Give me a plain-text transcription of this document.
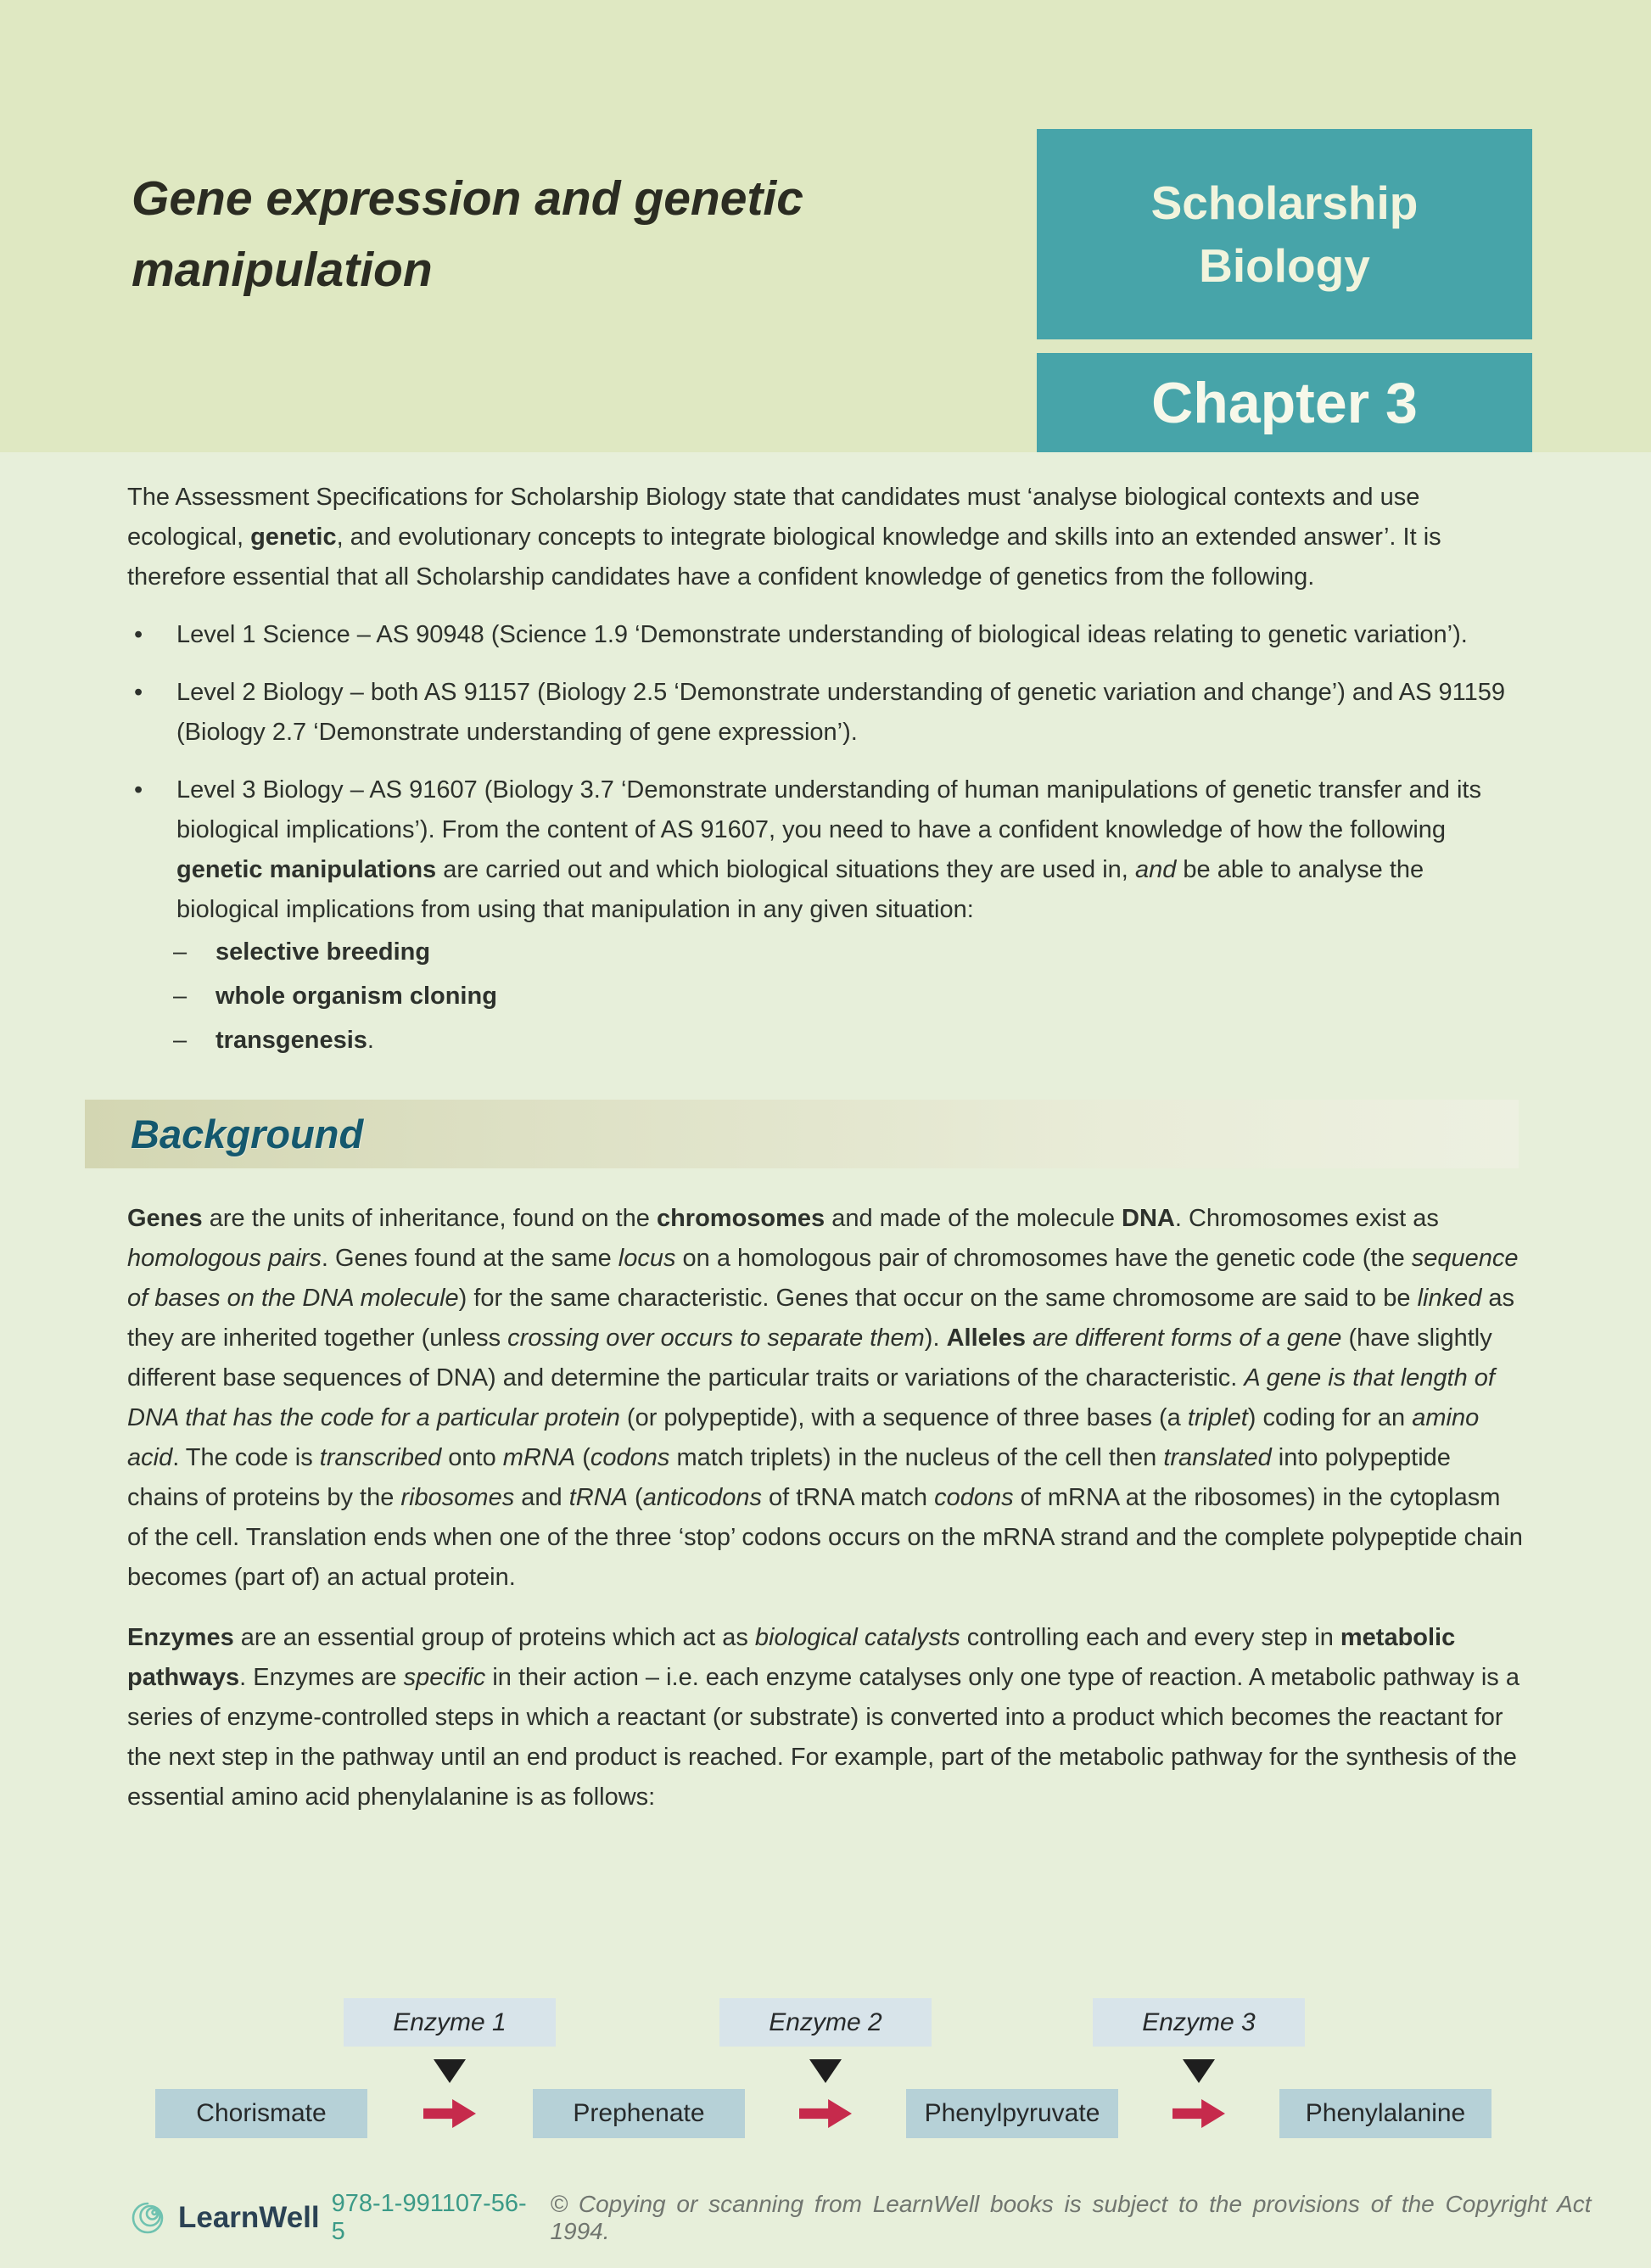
Gene expression and genetic
manipulation
Scholarship
Biology
Chapter 3

The Assessment Specifications for Scholarship Biology state that candidates must ‘analyse biological contexts and use ecological, genetic, and evolutionary concepts to integrate biological knowledge and skills into an extended answer’. It is therefore essential that all Scholarship candidates have a confident knowledge of genetics from the following.

• Level 1 Science – AS 90948 (Science 1.9 ‘Demonstrate understanding of biological ideas relating to genetic variation’).
• Level 2 Biology – both AS 91157 (Biology 2.5 ‘Demonstrate understanding of genetic variation and change’) and AS 91159 (Biology 2.7 ‘Demonstrate understanding of gene expression’).
• Level 3 Biology – AS 91607 (Biology 3.7 ‘Demonstrate understanding of human manipulations of genetic transfer and its biological implications’). From the content of AS 91607, you need to have a confident knowledge of how the following genetic manipulations are carried out and which biological situations they are used in, and be able to analyse the biological implications from using that manipulation in any given situation:
– selective breeding
– whole organism cloning
– transgenesis.
Background

Genes are the units of inheritance, found on the chromosomes and made of the molecule DNA. Chromosomes exist as homologous pairs. Genes found at the same locus on a homologous pair of chromosomes have the genetic code (the sequence of bases on the DNA molecule) for the same characteristic. Genes that occur on the same chromosome are said to be linked as they are inherited together (unless crossing over occurs to separate them). Alleles are different forms of a gene (have slightly different base sequences of DNA) and determine the particular traits or variations of the characteristic. A gene is that length of DNA that has the code for a particular protein (or polypeptide), with a sequence of three bases (a triplet) coding for an amino acid. The code is transcribed onto mRNA (codons match triplets) in the nucleus of the cell then translated into polypeptide chains of proteins by the ribosomes and tRNA (anticodons of tRNA match codons of mRNA at the ribosomes) in the cytoplasm of the cell. Translation ends when one of the three ‘stop’ codons occurs on the mRNA strand and the complete polypeptide chain becomes (part of) an actual protein.

Enzymes are an essential group of proteins which act as biological catalysts controlling each and every step in metabolic pathways. Enzymes are specific in their action – i.e. each enzyme catalyses only one type of reaction. A metabolic pathway is a series of enzyme-controlled steps in which a reactant (or substrate) is converted into a product which becomes the reactant for the next step in the pathway until an end product is reached. For example, part of the metabolic pathway for the synthesis of the essential amino acid phenylalanine is as follows:

Enzyme 1	Enzyme 2	Enzyme 3
Chorismate	Prephenate	Phenylpyruvate	Phenylalanine
LearnWell 978-1-991107-56-5
© Copying or scanning from LearnWell books is subject to the provisions of the Copyright Act 1994.
